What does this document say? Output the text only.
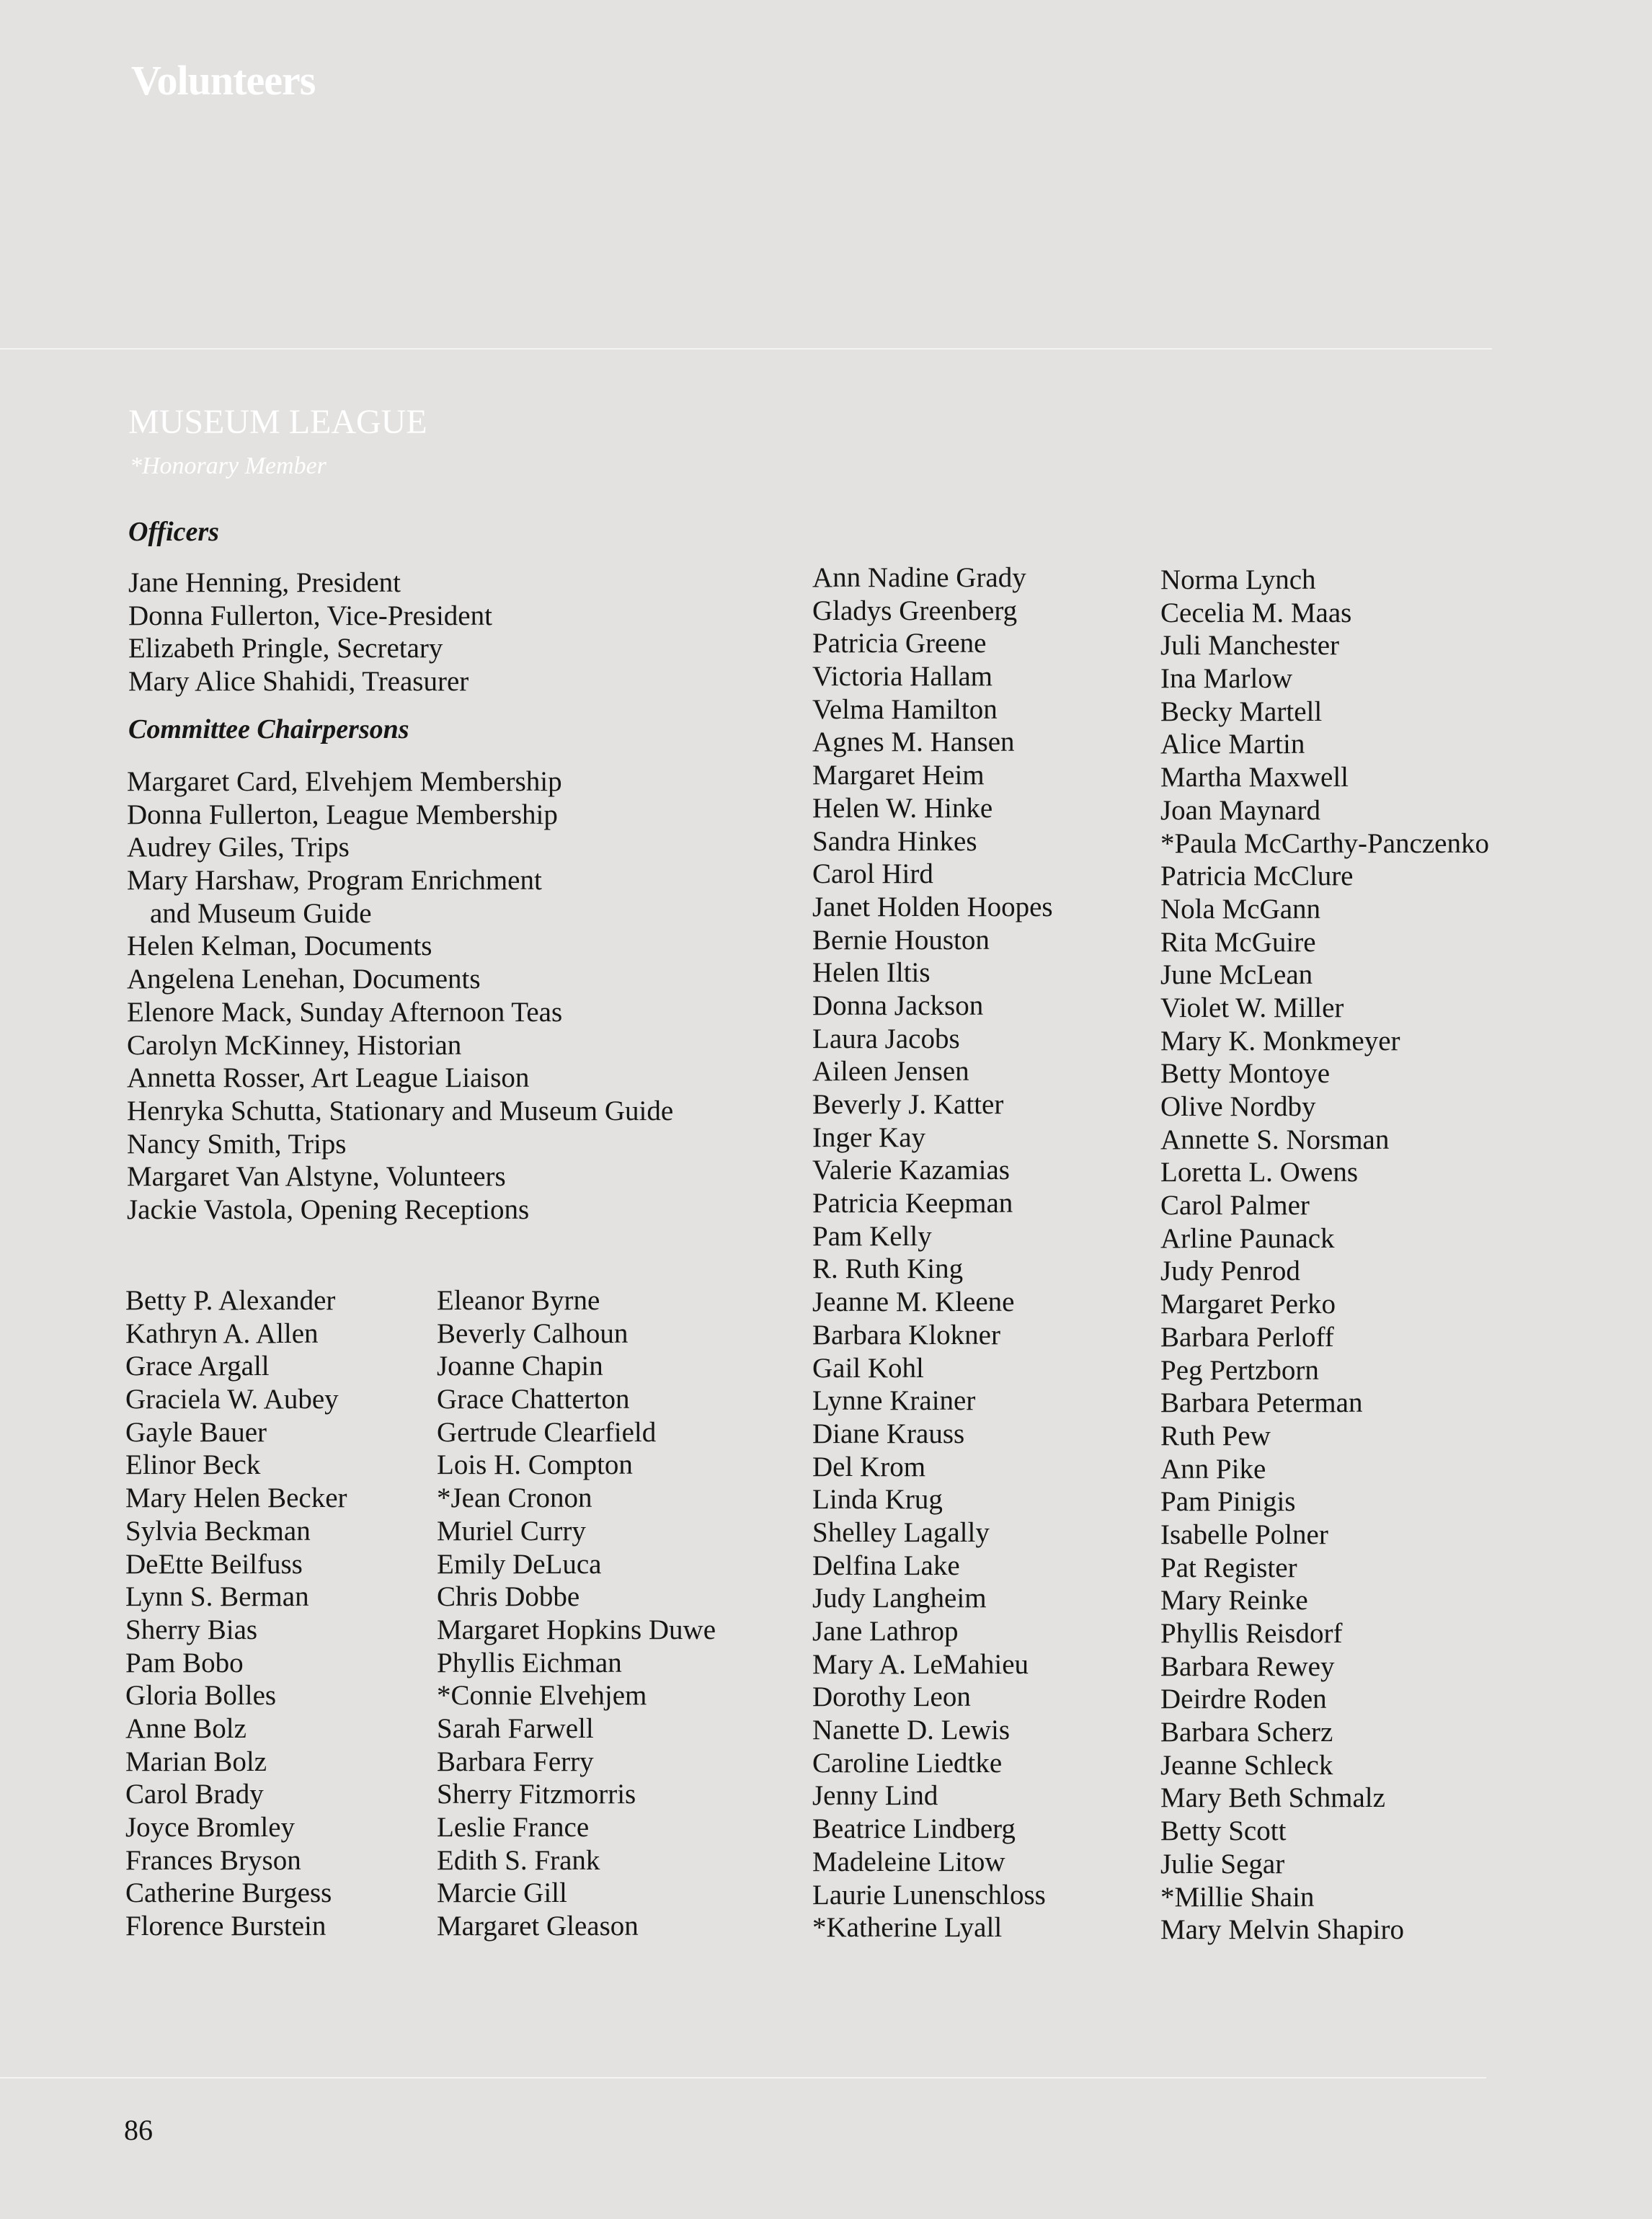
Volunteers
MUSEUM LEAGUE
*Honorary Member
Officers
Jane Henning, President
Donna Fullerton, Vice-President
Elizabeth Pringle, Secretary
Mary Alice Shahidi, Treasurer
Committee Chairpersons
Margaret Card, Elvehjem Membership
Donna Fullerton, League Membership
Audrey Giles, Trips
Mary Harshaw, Program Enrichment
and Museum Guide
Helen Kelman, Documents
Angelena Lenehan, Documents
Elenore Mack, Sunday Afternoon Teas
Carolyn McKinney, Historian
Annetta Rosser, Art League Liaison
Henryka Schutta, Stationary and Museum Guide
Nancy Smith, Trips
Margaret Van Alstyne, Volunteers
Jackie Vastola, Opening Receptions
Betty P. Alexander
Kathryn A. Allen
Grace Argall
Graciela W. Aubey
Gayle Bauer
Elinor Beck
Mary Helen Becker
Sylvia Beckman
DeEtte Beilfuss
Lynn S. Berman
Sherry Bias
Pam Bobo
Gloria Bolles
Anne Bolz
Marian Bolz
Carol Brady
Joyce Bromley
Frances Bryson
Catherine Burgess
Florence Burstein
Eleanor Byrne
Beverly Calhoun
Joanne Chapin
Grace Chatterton
Gertrude Clearfield
Lois H. Compton
*Jean Cronon
Muriel Curry
Emily DeLuca
Chris Dobbe
Margaret Hopkins Duwe
Phyllis Eichman
*Connie Elvehjem
Sarah Farwell
Barbara Ferry
Sherry Fitzmorris
Leslie France
Edith S. Frank
Marcie Gill
Margaret Gleason
Ann Nadine Grady
Gladys Greenberg
Patricia Greene
Victoria Hallam
Velma Hamilton
Agnes M. Hansen
Margaret Heim
Helen W. Hinke
Sandra Hinkes
Carol Hird
Janet Holden Hoopes
Bernie Houston
Helen Iltis
Donna Jackson
Laura Jacobs
Aileen Jensen
Beverly J. Katter
Inger Kay
Valerie Kazamias
Patricia Keepman
Pam Kelly
R. Ruth King
Jeanne M. Kleene
Barbara Klokner
Gail Kohl
Lynne Krainer
Diane Krauss
Del Krom
Linda Krug
Shelley Lagally
Delfina Lake
Judy Langheim
Jane Lathrop
Mary A. LeMahieu
Dorothy Leon
Nanette D. Lewis
Caroline Liedtke
Jenny Lind
Beatrice Lindberg
Madeleine Litow
Laurie Lunenschloss
*Katherine Lyall
Norma Lynch
Cecelia M. Maas
Juli Manchester
Ina Marlow
Becky Martell
Alice Martin
Martha Maxwell
Joan Maynard
*Paula McCarthy-Panczenko
Patricia McClure
Nola McGann
Rita McGuire
June McLean
Violet W. Miller
Mary K. Monkmeyer
Betty Montoye
Olive Nordby
Annette S. Norsman
Loretta L. Owens
Carol Palmer
Arline Paunack
Judy Penrod
Margaret Perko
Barbara Perloff
Peg Pertzborn
Barbara Peterman
Ruth Pew
Ann Pike
Pam Pinigis
Isabelle Polner
Pat Register
Mary Reinke
Phyllis Reisdorf
Barbara Rewey
Deirdre Roden
Barbara Scherz
Jeanne Schleck
Mary Beth Schmalz
Betty Scott
Julie Segar
*Millie Shain
Mary Melvin Shapiro
86
